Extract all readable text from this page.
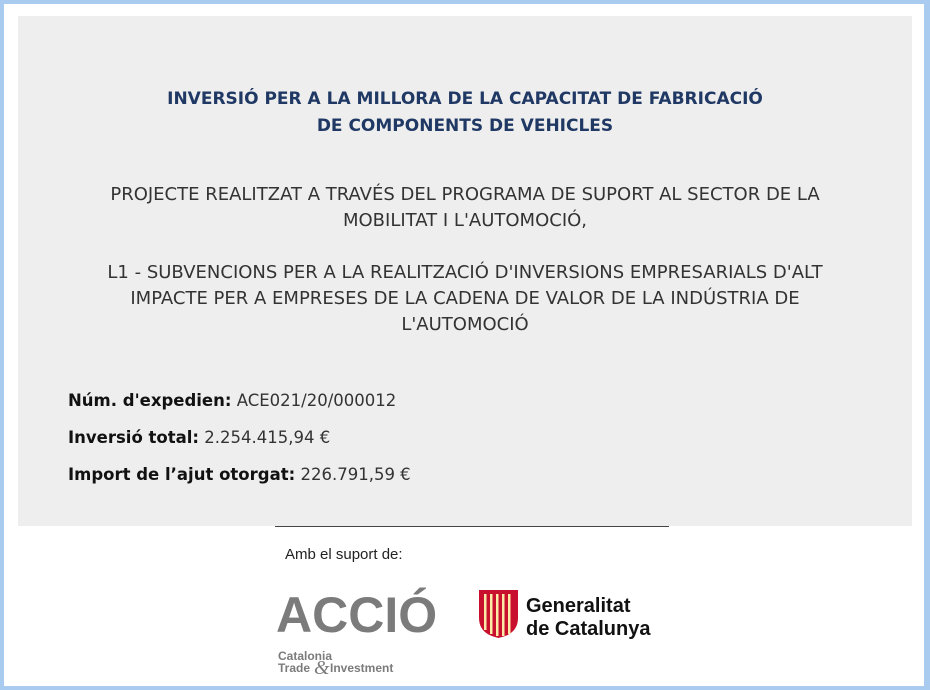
INVERSIÓ PER A LA MILLORA DE LA CAPACITAT DE FABRICACIÓ
DE COMPONENTS DE VEHICLES
PROJECTE REALITZAT A TRAVÉS DEL PROGRAMA DE SUPORT AL SECTOR DE LA
MOBILITAT I L'AUTOMOCIÓ,
L1 - SUBVENCIONS PER A LA REALITZACIÓ D'INVERSIONS EMPRESARIALS D'ALT
IMPACTE PER A EMPRESES DE LA CADENA DE VALOR DE LA INDÚSTRIA DE
L'AUTOMOCIÓ
Núm. d'expedien: ACE021/20/000012
Inversió total: 2.254.415,94 €
Import de l’ajut otorgat: 226.791,59 €
Amb el suport de:
ACCIÓ
Catalonia
Trade & Investment
Generalitat
de Catalunya
